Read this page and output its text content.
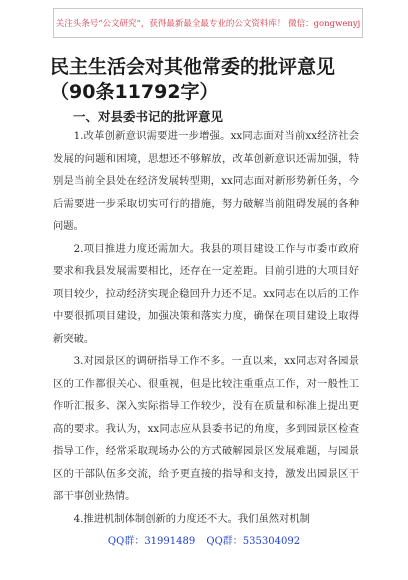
关注头条号“公文研究”，获得最新最全最专业的公文资料库！ 微信：gongwenyj
民主生活会对其他常委的批评意见（90条11792字）
一、对县委书记的批评意见

1.改革创新意识需要进一步增强。xx同志面对当前xx经济社会发展的问题和困境，思想还不够解放，改革创新意识还需加强，特别是当前全县处在经济发展转型期，xx同志面对新形势新任务，今后需要进一步采取切实可行的措施，努力破解当前阻碍发展的各种问题。

2.项目推进力度还需加大。我县的项目建设工作与市委市政府要求和我县发展需要相比，还存在一定差距。目前引进的大项目好项目较少，拉动经济实现企稳回升力还不足。xx同志在以后的工作中要很抓项目建设，加强决策和落实力度，确保在项目建设上取得新突破。

3.对园景区的调研指导工作不多。一直以来，xx同志对各园景区的工作都很关心、很重视，但是比较注重重点工作，对一般性工作听汇报多、深入实际指导工作较少，没有在质量和标准上提出更高的要求。我认为，xx同志应从县委书记的角度，多到园景区检查指导工作，经常采取现场办公的方式破解园景区发展难题，与园景区的干部队伍多交流，给予更直接的指导和支持，激发出园景区干部干事创业热情。

4.推进机制体制创新的力度还不大。我们虽然对机制

QQ群：31991489 QQ群：535304092
